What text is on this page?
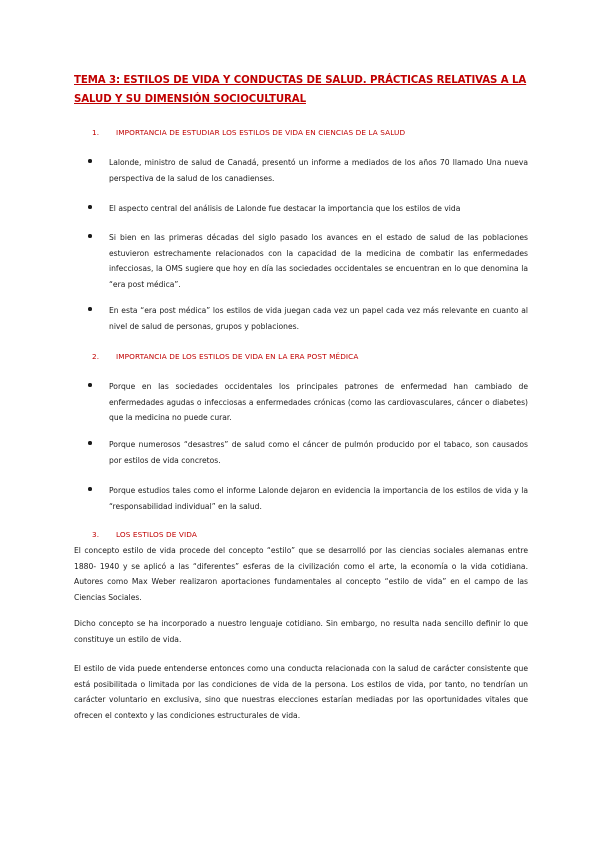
TEMA 3: ESTILOS DE VIDA Y CONDUCTAS DE SALUD. PRÁCTICAS RELATIVAS A LA SALUD Y SU DIMENSIÓN SOCIOCULTURAL
1. IMPORTANCIA DE ESTUDIAR LOS ESTILOS DE VIDA EN CIENCIAS DE LA SALUD
Lalonde, ministro de salud de Canadá, presentó un informe a mediados de los años 70 llamado Una nueva perspectiva de la salud de los canadienses.
El aspecto central del análisis de Lalonde fue destacar la importancia que los estilos de vida
Si bien en las primeras décadas del siglo pasado los avances en el estado de salud de las poblaciones estuvieron estrechamente relacionados con la capacidad de la medicina de combatir las enfermedades infecciosas, la OMS sugiere que hoy en día las sociedades occidentales se encuentran en lo que denomina la “era post médica”.
En esta “era post médica” los estilos de vida juegan cada vez un papel cada vez más relevante en cuanto al nivel de salud de personas, grupos y poblaciones.
2. IMPORTANCIA DE LOS ESTILOS DE VIDA EN LA ERA POST MÉDICA
Porque en las sociedades occidentales los principales patrones de enfermedad han cambiado de enfermedades agudas o infecciosas a enfermedades crónicas (como las cardiovasculares, cáncer o diabetes) que la medicina no puede curar.
Porque numerosos “desastres” de salud como el cáncer de pulmón producido por el tabaco, son causados por estilos de vida concretos.
Porque estudios tales como el informe Lalonde dejaron en evidencia la importancia de los estilos de vida y la “responsabilidad individual” en la salud.
3. LOS ESTILOS DE VIDA
El concepto estilo de vida procede del concepto “estilo” que se desarrolló por las ciencias sociales alemanas entre 1880- 1940 y se aplicó a las “diferentes” esferas de la civilización como el arte, la economía o la vida cotidiana. Autores como Max Weber realizaron aportaciones fundamentales al concepto “estilo de vida” en el campo de las Ciencias Sociales.
Dicho concepto se ha incorporado a nuestro lenguaje cotidiano. Sin embargo, no resulta nada sencillo definir lo que constituye un estilo de vida.
El estilo de vida puede entenderse entonces como una conducta relacionada con la salud de carácter consistente que está posibilitada o limitada por las condiciones de vida de la persona. Los estilos de vida, por tanto, no tendrían un carácter voluntario en exclusiva, sino que nuestras elecciones estarían mediadas por las oportunidades vitales que ofrecen el contexto y las condiciones estructurales de vida.
